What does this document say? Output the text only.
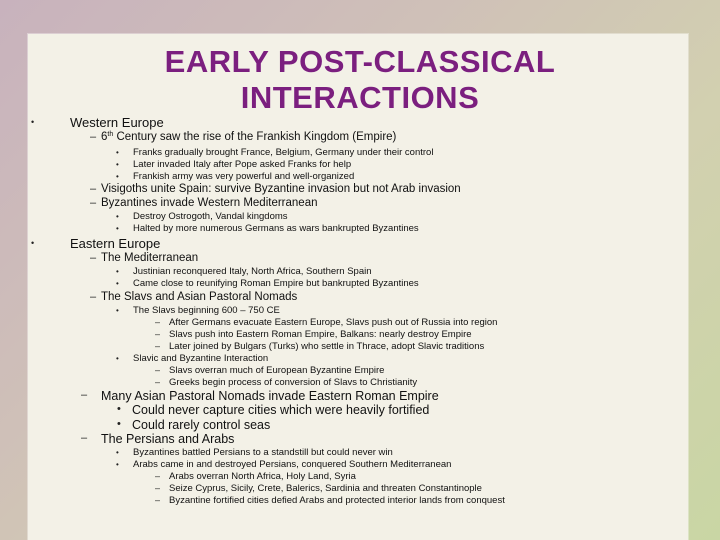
EARLY POST-CLASSICAL INTERACTIONS
•	Western Europe
– 6th Century saw the rise of the Frankish Kingdom (Empire)
• Franks gradually brought France, Belgium, Germany under their control
• Later invaded Italy after Pope asked Franks for help
• Frankish army was very powerful and well-organized
– Visigoths unite Spain: survive Byzantine invasion but not Arab invasion
– Byzantines invade Western Mediterranean
• Destroy Ostrogoth, Vandal kingdoms
• Halted by more numerous Germans as wars bankrupted Byzantines
•	Eastern Europe
– The Mediterranean
• Justinian reconquered Italy, North Africa, Southern Spain
• Came close to reunifying Roman Empire but bankrupted Byzantines
– The Slavs and Asian Pastoral Nomads
• The Slavs beginning 600 – 750 CE
– After Germans evacuate Eastern Europe, Slavs push out of Russia into region
– Slavs push into Eastern Roman Empire, Balkans: nearly destroy Empire
– Later joined by Bulgars (Turks) who settle in Thrace, adopt Slavic traditions
• Slavic and Byzantine Interaction
– Slavs overran much of European Byzantine Empire
– Greeks begin process of conversion of Slavs to Christianity
– Many Asian Pastoral Nomads invade Eastern Roman Empire
• Could never capture cities which were heavily fortified
• Could rarely control seas
– The Persians and Arabs
• Byzantines battled Persians to a standstill but could never win
• Arabs came in and destroyed Persians, conquered Southern Mediterranean
– Arabs overran North Africa, Holy Land, Syria
– Seize Cyprus, Sicily, Crete, Balerics, Sardinia and threaten Constantinople
– Byzantine fortified cities defied Arabs and protected interior lands from conquest
